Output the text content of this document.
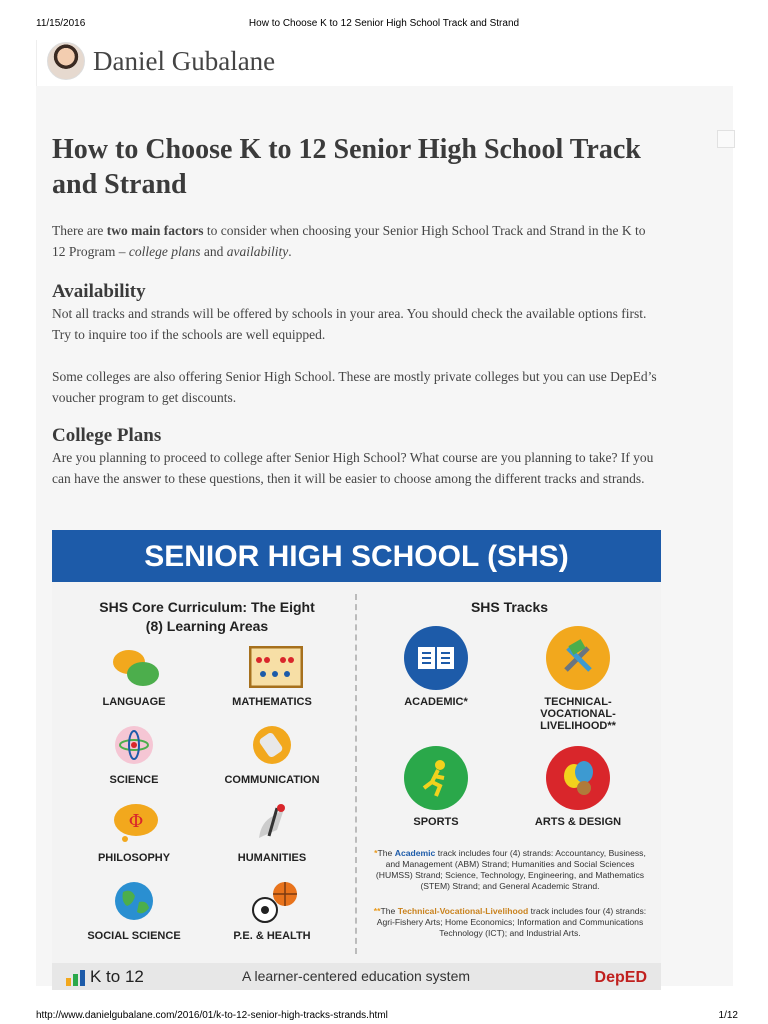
11/15/2016	How to Choose K to 12 Senior High School Track and Strand
Daniel Gubalane
How to Choose K to 12 Senior High School Track and Strand

There are two main factors to consider when choosing your Senior High School Track and Strand in the K to 12 Program – college plans and availability.

Availability

Not all tracks and strands will be offered by schools in your area. You should check the available options first. Try to inquire too if the schools are well equipped.

Some colleges are also offering Senior High School. These are mostly private colleges but you can use DepEd’s voucher program to get discounts.

College Plans

Are you planning to proceed to college after Senior High School? What course are you planning to take? If you can have the answer to these questions, then it will be easier to choose among the different tracks and strands.

SENIOR HIGH SCHOOL (SHS)
SHS Core Curriculum: The Eight
(8) Learning Areas
SHS Tracks
LANGUAGE	MATHEMATICS
SCIENCE	COMMUNICATION
Φ
PHILOSOPHY	HUMANITIES
SOCIAL SCIENCE	P.E. & HEALTH
ACADEMIC*	TECHNICAL-
VOCATIONAL-
LIVELIHOOD**
SPORTS	ARTS & DESIGN
*The Academic track includes four (4) strands: Accountancy, Business, and Management (ABM) Strand; Humanities and Social Sciences (HUMSS) Strand; Science, Technology, Engineering, and Mathematics (STEM) Strand; and General Academic Strand.
**The Technical-Vocational-Livelihood track includes four (4) strands: Agri-Fishery Arts; Home Economics; Information and Communications Technology (ICT); and Industrial Arts.
K to 12	A learner-centered education system	DepED
http://www.danielgubalane.com/2016/01/k-to-12-senior-high-tracks-strands.html	1/12
